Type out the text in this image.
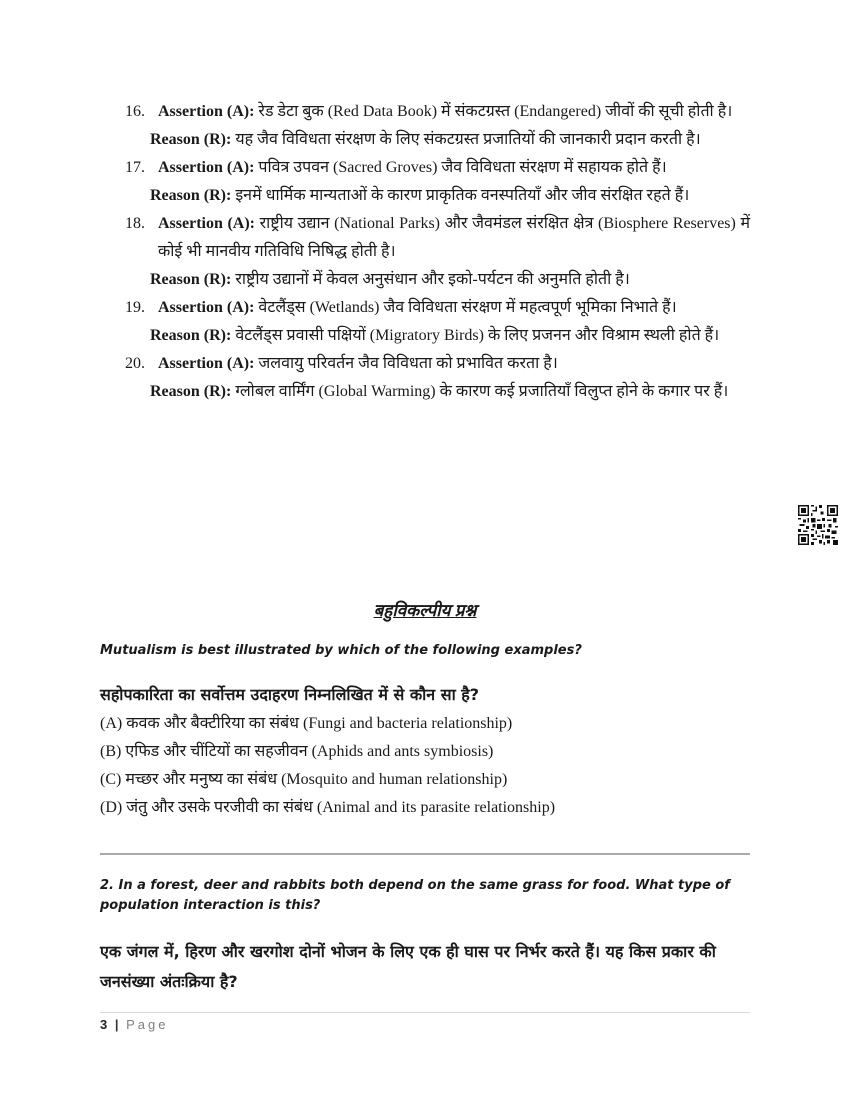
16. Assertion (A): रेड डेटा बुक (Red Data Book) में संकटग्रस्त (Endangered) जीवों की सूची होती है।

Reason (R): यह जैव विविधता संरक्षण के लिए संकटग्रस्त प्रजातियों की जानकारी प्रदान करती है।

17. Assertion (A): पवित्र उपवन (Sacred Groves) जैव विविधता संरक्षण में सहायक होते हैं।

Reason (R): इनमें धार्मिक मान्यताओं के कारण प्राकृतिक वनस्पतियाँ और जीव संरक्षित रहते हैं।

18. Assertion (A): राष्ट्रीय उद्यान (National Parks) और जैवमंडल संरक्षित क्षेत्र (Biosphere Reserves) में कोई भी मानवीय गतिविधि निषिद्ध होती है।

Reason (R): राष्ट्रीय उद्यानों में केवल अनुसंधान और इको-पर्यटन की अनुमति होती है।

19. Assertion (A): वेटलैंड्स (Wetlands) जैव विविधता संरक्षण में महत्वपूर्ण भूमिका निभाते हैं।

Reason (R): वेटलैंड्स प्रवासी पक्षियों (Migratory Birds) के लिए प्रजनन और विश्राम स्थली होते हैं।

20. Assertion (A): जलवायु परिवर्तन जैव विविधता को प्रभावित करता है।

Reason (R): ग्लोबल वार्मिंग (Global Warming) के कारण कई प्रजातियाँ विलुप्त होने के कगार पर हैं।

बहुविकल्पीय प्रश्न
Mutualism is best illustrated by which of the following examples?
सहोपकारिता का सर्वोत्तम उदाहरण निम्नलिखित में से कौन सा है?

(A) कवक और बैक्टीरिया का संबंध (Fungi and bacteria relationship)

(B) एफिड और चींटियों का सहजीवन (Aphids and ants symbiosis)

(C) मच्छर और मनुष्य का संबंध (Mosquito and human relationship)

(D) जंतु और उसके परजीवी का संबंध (Animal and its parasite relationship)

2. In a forest, deer and rabbits both depend on the same grass for food. What type of population interaction is this?
एक जंगल में, हिरण और खरगोश दोनों भोजन के लिए एक ही घास पर निर्भर करते हैं। यह किस प्रकार की जनसंख्या अंतःक्रिया है?
3 | Page
